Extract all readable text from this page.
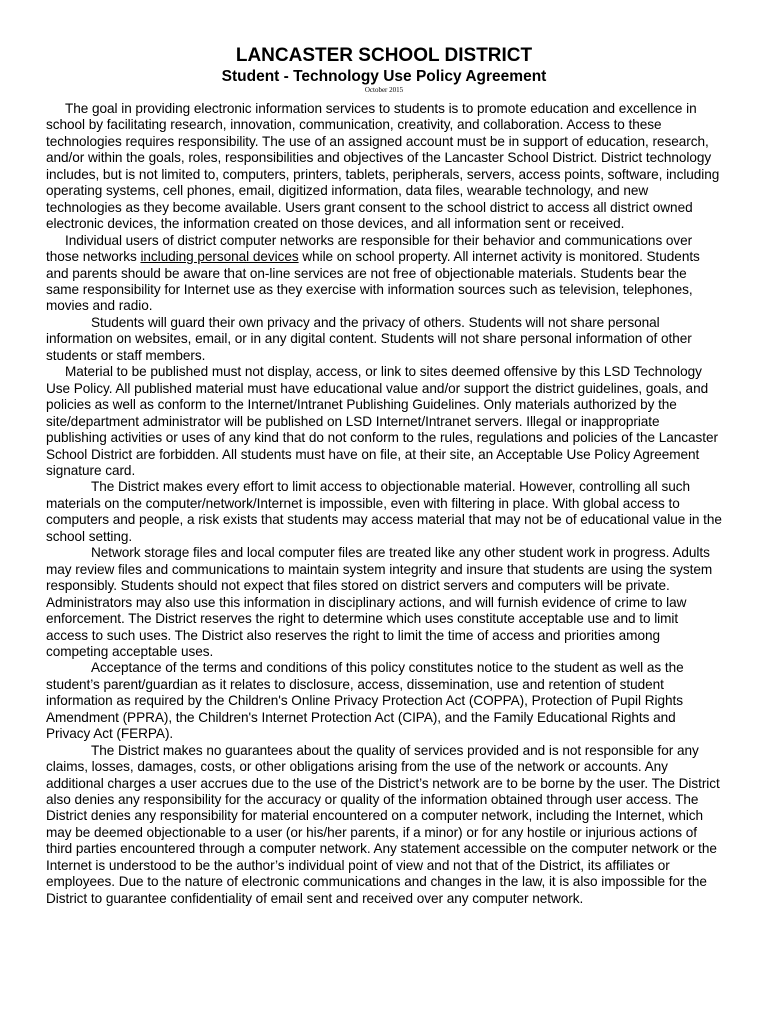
LANCASTER SCHOOL DISTRICT
Student - Technology Use Policy Agreement
October 2015

The goal in providing electronic information services to students is to promote education and excellence in school by facilitating research, innovation, communication, creativity, and collaboration. Access to these technologies requires responsibility. The use of an assigned account must be in support of education, research, and/or within the goals, roles, responsibilities and objectives of the Lancaster School District. District technology includes, but is not limited to, computers, printers, tablets, peripherals, servers, access points, software, including operating systems, cell phones, email, digitized information, data files, wearable technology, and new technologies as they become available. Users grant consent to the school district to access all district owned electronic devices, the information created on those devices, and all information sent or received.

Individual users of district computer networks are responsible for their behavior and communications over those networks including personal devices while on school property. All internet activity is monitored. Students and parents should be aware that on-line services are not free of objectionable materials. Students bear the same responsibility for Internet use as they exercise with information sources such as television, telephones, movies and radio.

Students will guard their own privacy and the privacy of others. Students will not share personal information on websites, email, or in any digital content. Students will not share personal information of other students or staff members.

Material to be published must not display, access, or link to sites deemed offensive by this LSD Technology Use Policy. All published material must have educational value and/or support the district guidelines, goals, and policies as well as conform to the Internet/Intranet Publishing Guidelines. Only materials authorized by the site/department administrator will be published on LSD Internet/Intranet servers. Illegal or inappropriate publishing activities or uses of any kind that do not conform to the rules, regulations and policies of the Lancaster School District are forbidden. All students must have on file, at their site, an Acceptable Use Policy Agreement signature card.

The District makes every effort to limit access to objectionable material. However, controlling all such materials on the computer/network/Internet is impossible, even with filtering in place. With global access to computers and people, a risk exists that students may access material that may not be of educational value in the school setting.

Network storage files and local computer files are treated like any other student work in progress. Adults may review files and communications to maintain system integrity and insure that students are using the system responsibly. Students should not expect that files stored on district servers and computers will be private. Administrators may also use this information in disciplinary actions, and will furnish evidence of crime to law enforcement. The District reserves the right to determine which uses constitute acceptable use and to limit access to such uses. The District also reserves the right to limit the time of access and priorities among competing acceptable uses.

Acceptance of the terms and conditions of this policy constitutes notice to the student as well as the student’s parent/guardian as it relates to disclosure, access, dissemination, use and retention of student information as required by the Children's Online Privacy Protection Act (COPPA), Protection of Pupil Rights Amendment (PPRA), the Children's Internet Protection Act (CIPA), and the Family Educational Rights and Privacy Act (FERPA).

The District makes no guarantees about the quality of services provided and is not responsible for any claims, losses, damages, costs, or other obligations arising from the use of the network or accounts. Any additional charges a user accrues due to the use of the District’s network are to be borne by the user. The District also denies any responsibility for the accuracy or quality of the information obtained through user access. The District denies any responsibility for material encountered on a computer network, including the Internet, which may be deemed objectionable to a user (or his/her parents, if a minor) or for any hostile or injurious actions of third parties encountered through a computer network. Any statement accessible on the computer network or the Internet is understood to be the author’s individual point of view and not that of the District, its affiliates or employees. Due to the nature of electronic communications and changes in the law, it is also impossible for the District to guarantee confidentiality of email sent and received over any computer network.
